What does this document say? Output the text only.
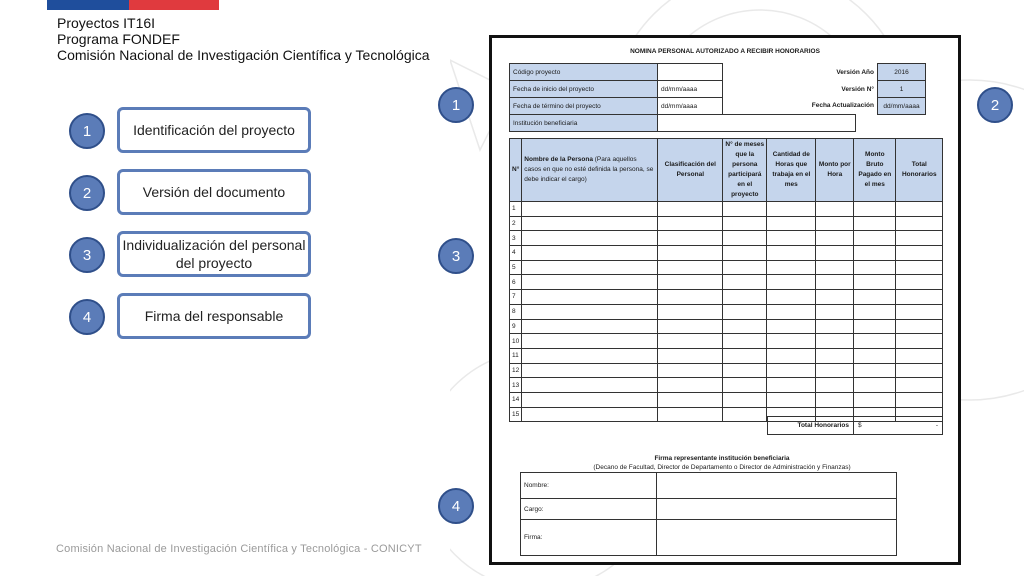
Proyectos IT16I
Programa FONDEF
Comisión Nacional de Investigación Científica y Tecnológica
1	Identificación del proyecto
2	Versión del documento
3
Individualización del personal del proyecto
4	Firma del responsable
1	2
3
4
Comisión Nacional de Investigación Científica y Tecnológica - CONICYT
NOMINA PERSONAL AUTORIZADO A RECIBIR HONORARIOS
Código proyecto		Versión Año		2016
Fecha de inicio del proyecto	dd/mm/aaaa	Versión N°		1
Fecha de término del proyecto	dd/mm/aaaa	Fecha Actualización		dd/mm/aaaa
Institución beneficiaria				
N°	Nombre de la Persona (Para aquellos casos en que no esté definida la persona, se debe indicar el cargo)	Clasificación del Personal	N° de meses que la persona participará en el proyecto	Cantidad de Horas que trabaja en el mes	Monto por Hora	Monto Bruto Pagado en el mes	Total Honorarios
1							
2							
3							
4							
5							
6							
7							
8							
9							
10							
11							
12							
13							
14							
15							
Total Honorarios	$	-
Firma representante institución beneficiaria
(Decano de Facultad, Director de Departamento o Director de Administración y Finanzas)
Nombre:	
Cargo:	
Firma:	
